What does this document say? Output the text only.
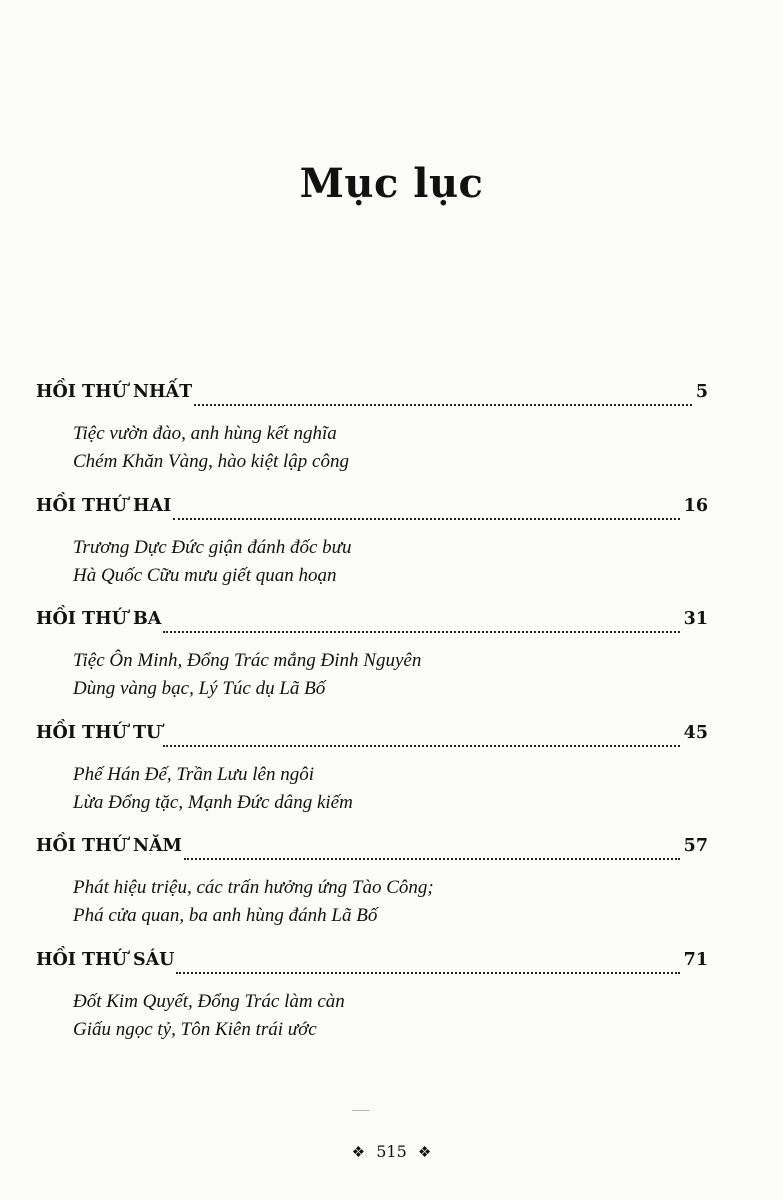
Mục lục
HỒI THỨ NHẤT	5
Tiệc vườn đào, anh hùng kết nghĩa
Chém Khăn Vàng, hào kiệt lập công
HỒI THỨ HAI	16
Trương Dực Đức giận đánh đốc bưu
Hà Quốc Cữu mưu giết quan hoạn
HỒI THỨ BA	31
Tiệc Ôn Minh, Đổng Trác mắng Đinh Nguyên
Dùng vàng bạc, Lý Túc dụ Lã Bố
HỒI THỨ TƯ	45
Phế Hán Đế, Trần Lưu lên ngôi
Lừa Đổng tặc, Mạnh Đức dâng kiếm
HỒI THỨ NĂM	57
Phát hiệu triệu, các trấn hưởng ứng Tào Công;
Phá cửa quan, ba anh hùng đánh Lã Bố
HỒI THỨ SÁU	71
Đốt Kim Quyết, Đổng Trác làm càn
Giấu ngọc tỷ, Tôn Kiên trái ước
❖ 515 ❖
